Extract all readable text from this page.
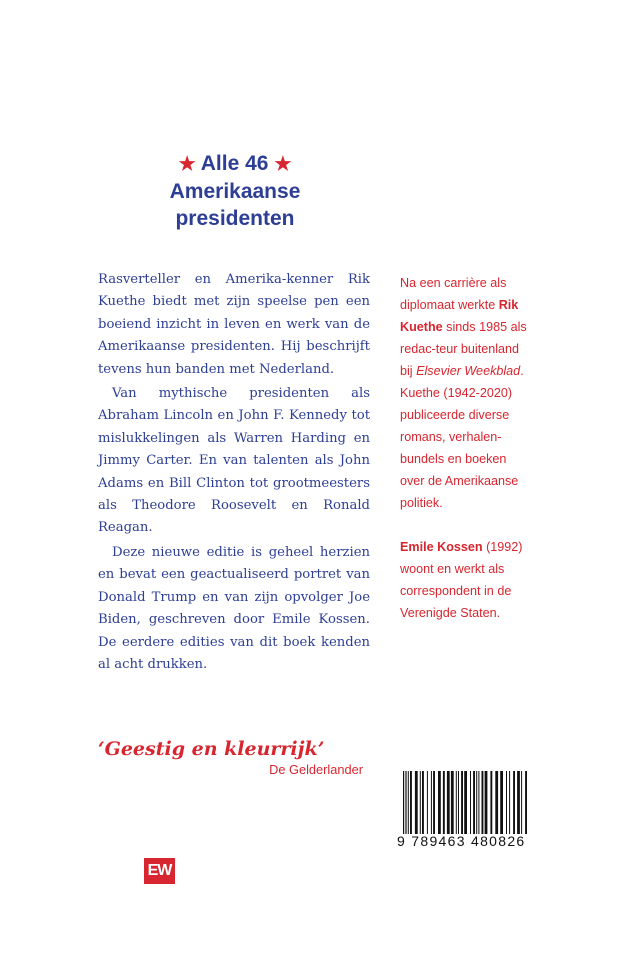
★ Alle 46 ★
Amerikaanse
presidenten

Rasverteller en Amerika-kenner Rik Kuethe biedt met zijn speelse pen een boeiend inzicht in leven en werk van de Amerikaanse presidenten. Hij beschrijft tevens hun banden met Nederland.

Van mythische presidenten als Abraham Lincoln en John F. Kennedy tot mislukkelingen als Warren Harding en Jimmy Carter. En van talenten als John Adams en Bill Clinton tot grootmeesters als Theodore Roosevelt en Ronald Reagan.

Deze nieuwe editie is geheel herzien en bevat een geactualiseerd portret van Donald Trump en van zijn opvolger Joe Biden, geschreven door Emile Kossen. De eerdere edities van dit boek kenden al acht drukken.

Na een carrière als diplomaat werkte Rik Kuethe sinds 1985 als redac-teur buitenland bij Elsevier Weekblad. Kuethe (1942-2020) publiceerde diverse romans, verhalen-bundels en boeken over de Amerikaanse politiek.

Emile Kossen (1992) woont en werkt als correspondent in de Verenigde Staten.

‘Geestig en kleurrijk’
De Gelderlander
EW
9 789463 480826
